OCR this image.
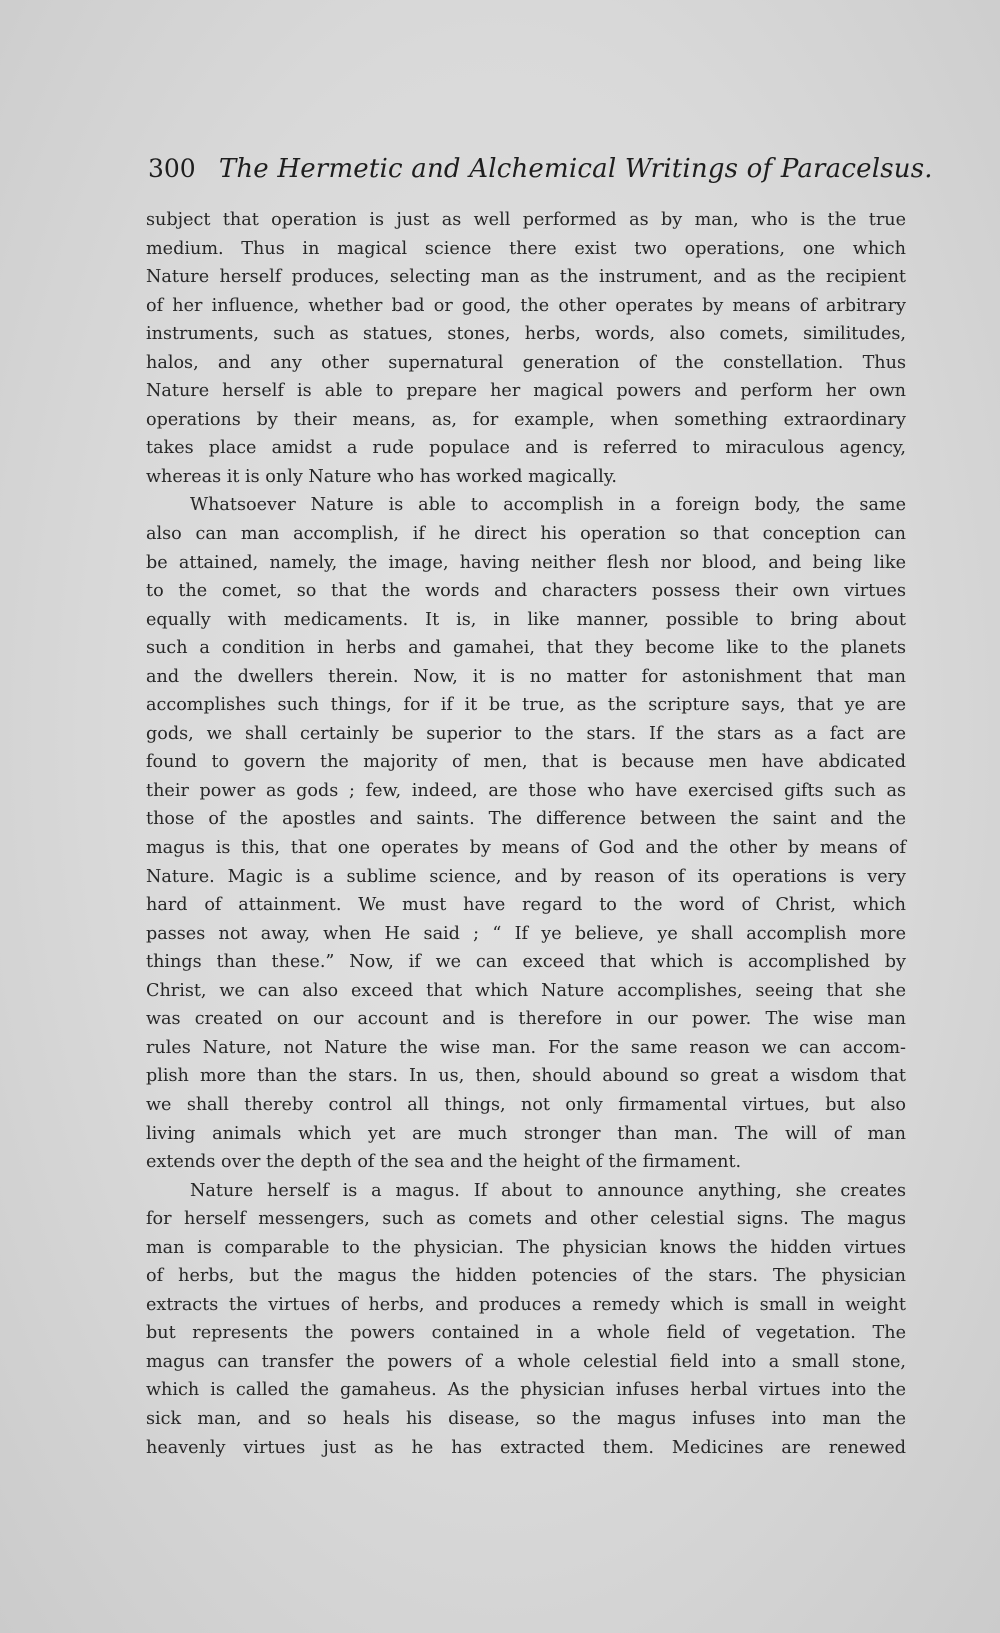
300 The Hermetic and Alchemical Writings of Paracelsus.
subject that operation is just as well performed as by man, who is the true
medium. Thus in magical science there exist two operations, one which
Nature herself produces, selecting man as the instrument, and as the recipient
of her influence, whether bad or good, the other operates by means of arbitrary
instruments, such as statues, stones, herbs, words, also comets, similitudes,
halos, and any other supernatural generation of the constellation. Thus
Nature herself is able to prepare her magical powers and perform her own
operations by their means, as, for example, when something extraordinary
takes place amidst a rude populace and is referred to miraculous agency,
whereas it is only Nature who has worked magically.
Whatsoever Nature is able to accomplish in a foreign body, the same
also can man accomplish, if he direct his operation so that conception can
be attained, namely, the image, having neither flesh nor blood, and being like
to the comet, so that the words and characters possess their own virtues
equally with medicaments. It is, in like manner, possible to bring about
such a condition in herbs and gamahei, that they become like to the planets
and the dwellers therein. Now, it is no matter for astonishment that man
accomplishes such things, for if it be true, as the scripture says, that ye are
gods, we shall certainly be superior to the stars. If the stars as a fact are
found to govern the majority of men, that is because men have abdicated
their power as gods ; few, indeed, are those who have exercised gifts such as
those of the apostles and saints. The difference between the saint and the
magus is this, that one operates by means of God and the other by means of
Nature. Magic is a sublime science, and by reason of its operations is very
hard of attainment. We must have regard to the word of Christ, which
passes not away, when He said ; “ If ye believe, ye shall accomplish more
things than these.” Now, if we can exceed that which is accomplished by
Christ, we can also exceed that which Nature accomplishes, seeing that she
was created on our account and is therefore in our power. The wise man
rules Nature, not Nature the wise man. For the same reason we can accom-
plish more than the stars. In us, then, should abound so great a wisdom that
we shall thereby control all things, not only firmamental virtues, but also
living animals which yet are much stronger than man. The will of man
extends over the depth of the sea and the height of the firmament.
Nature herself is a magus. If about to announce anything, she creates
for herself messengers, such as comets and other celestial signs. The magus
man is comparable to the physician. The physician knows the hidden virtues
of herbs, but the magus the hidden potencies of the stars. The physician
extracts the virtues of herbs, and produces a remedy which is small in weight
but represents the powers contained in a whole field of vegetation. The
magus can transfer the powers of a whole celestial field into a small stone,
which is called the gamaheus. As the physician infuses herbal virtues into the
sick man, and so heals his disease, so the magus infuses into man the
heavenly virtues just as he has extracted them. Medicines are renewed
